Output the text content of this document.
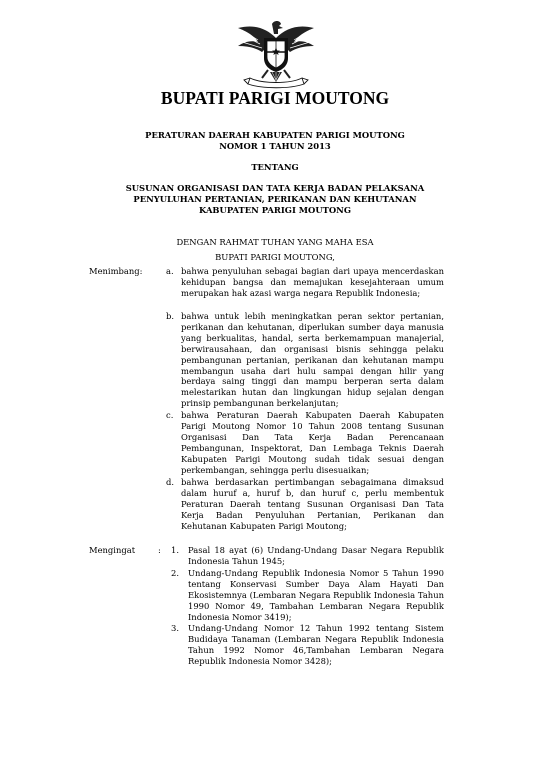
BUPATI PARIGI MOUTONG
PERATURAN DAERAH KABUPATEN PARIGI MOUTONG
NOMOR 1 TAHUN 2013
TENTANG
SUSUNAN ORGANISASI DAN TATA KERJA BADAN PELAKSANA
PENYULUHAN PERTANIAN, PERIKANAN DAN KEHUTANAN
KABUPATEN PARIGI MOUTONG
DENGAN RAHMAT TUHAN YANG MAHA ESA
BUPATI PARIGI MOUTONG,
Menimbang:	a. bahwa penyuluhan sebagai bagian dari upaya mencerdaskan kehidupan bangsa dan memajukan kesejahteraan umum merupakan hak azasi warga negara Republik Indonesia;
b. bahwa untuk lebih meningkatkan peran sektor pertanian, perikanan dan kehutanan, diperlukan sumber daya manusia yang berkualitas, handal, serta berkemampuan manajerial, berwirausahaan, dan organisasi bisnis sehingga pelaku pembangunan pertanian, perikanan dan kehutanan mampu membangun usaha dari hulu sampai dengan hilir yang berdaya saing tinggi dan mampu berperan serta dalam melestarikan hutan dan lingkungan hidup sejalan dengan prinsip pembangunan berkelanjutan;
c. bahwa Peraturan Daerah Kabupaten Daerah Kabupaten Parigi Moutong Nomor 10 Tahun 2008 tentang Susunan Organisasi Dan Tata Kerja Badan Perencanaan Pembangunan, Inspektorat, Dan Lembaga Teknis Daerah Kabupaten Parigi Moutong sudah tidak sesuai dengan perkembangan, sehingga perlu disesuaikan;
d. bahwa berdasarkan pertimbangan sebagaimana dimaksud dalam huruf a, huruf b, dan huruf c, perlu membentuk Peraturan Daerah tentang Susunan Organisasi Dan Tata Kerja Badan Penyuluhan Pertanian, Perikanan dan Kehutanan Kabupaten Parigi Moutong;
Mengingat	: 1. Pasal 18 ayat (6) Undang-Undang Dasar Negara Republik Indonesia Tahun 1945;
2. Undang-Undang Republik Indonesia Nomor 5 Tahun 1990 tentang Konservasi Sumber Daya Alam Hayati Dan Ekosistemnya (Lembaran Negara Republik Indonesia Tahun 1990 Nomor 49, Tambahan Lembaran Negara Republik Indonesia Nomor 3419);
3. Undang-Undang Nomor 12 Tahun 1992 tentang Sistem Budidaya Tanaman (Lembaran Negara Republik Indonesia Tahun 1992 Nomor 46,Tambahan Lembaran Negara Republik Indonesia Nomor 3428);
